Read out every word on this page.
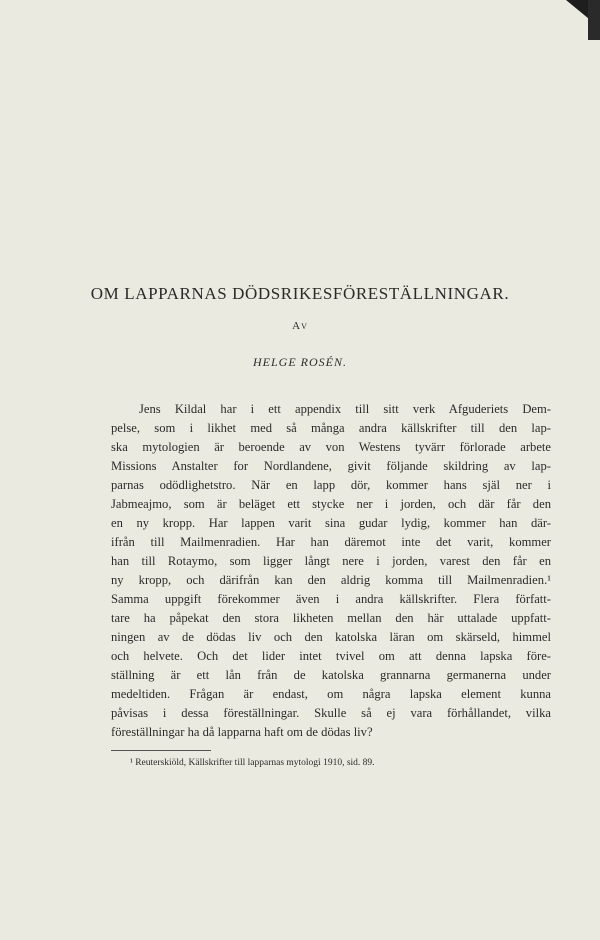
OM LAPPARNAS DÖDSRIKESFÖRESTÄLLNINGAR.
Av
HELGE ROSÉN.
Jens Kildal har i ett appendix till sitt verk Afguderiets Dem-
pelse, som i likhet med så många andra källskrifter till den lap-
ska mytologien är beroende av von Westens tyvärr förlorade arbete
Missions Anstalter for Nordlandene, givit följande skildring av lap-
parnas odödlighetstro. När en lapp dör, kommer hans själ ner i
Jabmeajmo, som är beläget ett stycke ner i jorden, och där får den
en ny kropp. Har lappen varit sina gudar lydig, kommer han där-
ifrån till Mailmenradien. Har han däremot inte det varit, kommer
han till Rotaymo, som ligger långt nere i jorden, varest den får en
ny kropp, och därifrån kan den aldrig komma till Mailmenradien.¹
Samma uppgift förekommer även i andra källskrifter. Flera författ-
tare ha påpekat den stora likheten mellan den här uttalade uppfatt-
ningen av de dödas liv och den katolska läran om skärseld, himmel
och helvete. Och det lider intet tvivel om att denna lapska före-
ställning är ett lån från de katolska grannarna germanerna under
medeltiden. Frågan är endast, om några lapska element kunna
påvisas i dessa föreställningar. Skulle så ej vara förhållandet, vilka
föreställningar ha då lapparna haft om de dödas liv?
¹ Reuterskiöld, Källskrifter till lapparnas mytologi 1910, sid. 89.
